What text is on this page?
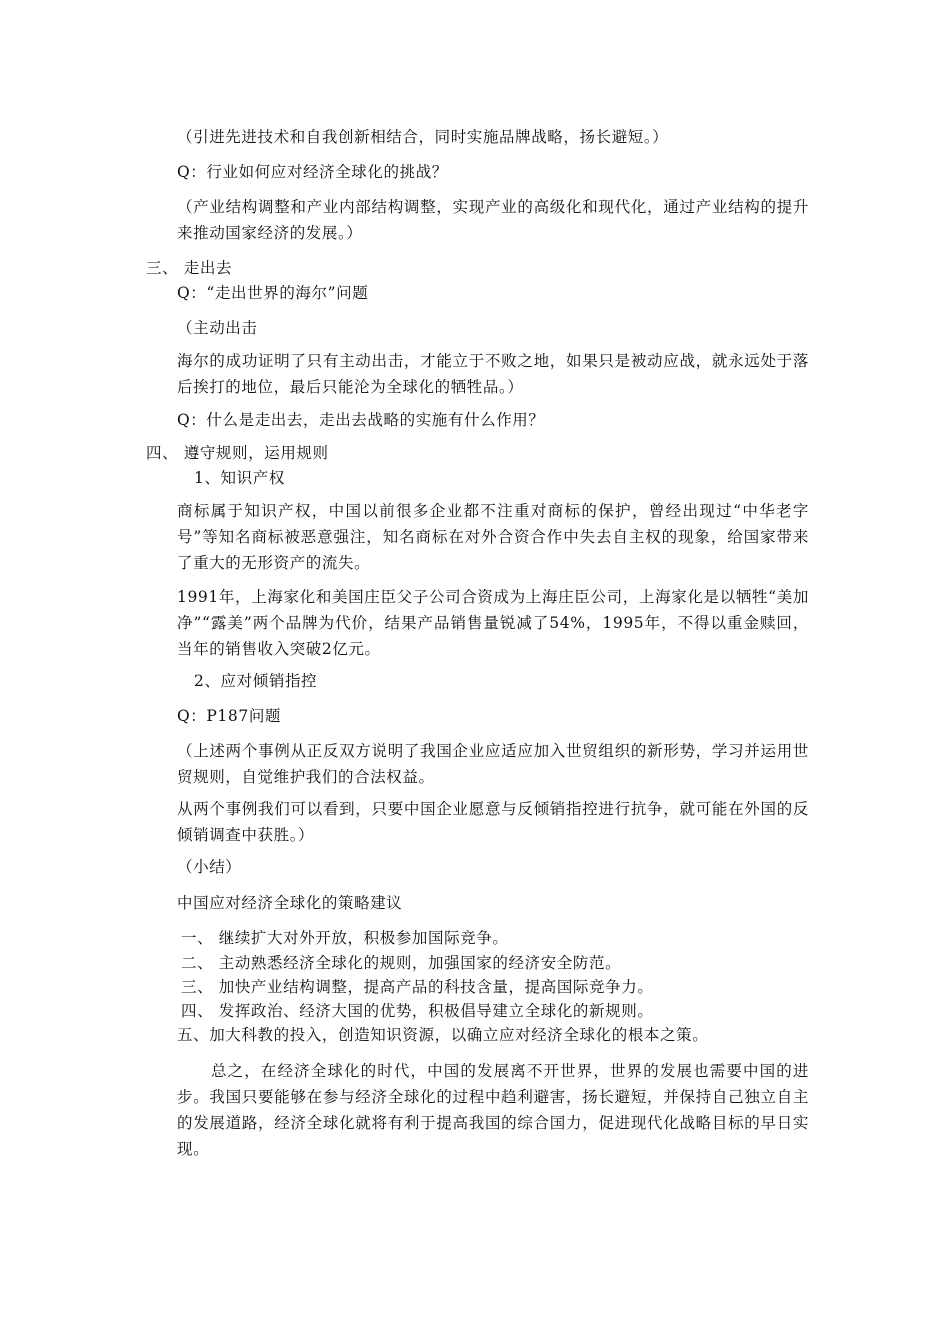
（引进先进技术和自我创新相结合，同时实施品牌战略，扬长避短。）
Q：行业如何应对经济全球化的挑战？
（产业结构调整和产业内部结构调整，实现产业的高级化和现代化，通过产业结构的提升来推动国家经济的发展。）
三、 走出去
Q：“走出世界的海尔”问题
（主动出击
海尔的成功证明了只有主动出击，才能立于不败之地，如果只是被动应战，就永远处于落后挨打的地位，最后只能沦为全球化的牺牲品。）
Q：什么是走出去，走出去战略的实施有什么作用？
四、 遵守规则，运用规则
1、知识产权
商标属于知识产权，中国以前很多企业都不注重对商标的保护，曾经出现过“中华老字号”等知名商标被恶意强注，知名商标在对外合资合作中失去自主权的现象，给国家带来了重大的无形资产的流失。
1991年，上海家化和美国庄臣父子公司合资成为上海庄臣公司，上海家化是以牺牲“美加净”“露美”两个品牌为代价，结果产品销售量锐减了54%，1995年，不得以重金赎回，当年的销售收入突破2亿元。
2、应对倾销指控
Q：P187问题
（上述两个事例从正反双方说明了我国企业应适应加入世贸组织的新形势，学习并运用世贸规则，自觉维护我们的合法权益。
从两个事例我们可以看到，只要中国企业愿意与反倾销指控进行抗争，就可能在外国的反倾销调查中获胜。）
（小结）
中国应对经济全球化的策略建议
一、 继续扩大对外开放，积极参加国际竞争。
二、 主动熟悉经济全球化的规则，加强国家的经济安全防范。
三、 加快产业结构调整，提高产品的科技含量，提高国际竞争力。
四、 发挥政治、经济大国的优势，积极倡导建立全球化的新规则。
五、加大科教的投入，创造知识资源，以确立应对经济全球化的根本之策。
总之，在经济全球化的时代，中国的发展离不开世界，世界的发展也需要中国的进步。我国只要能够在参与经济全球化的过程中趋利避害，扬长避短，并保持自己独立自主的发展道路，经济全球化就将有利于提高我国的综合国力，促进现代化战略目标的早日实现。
